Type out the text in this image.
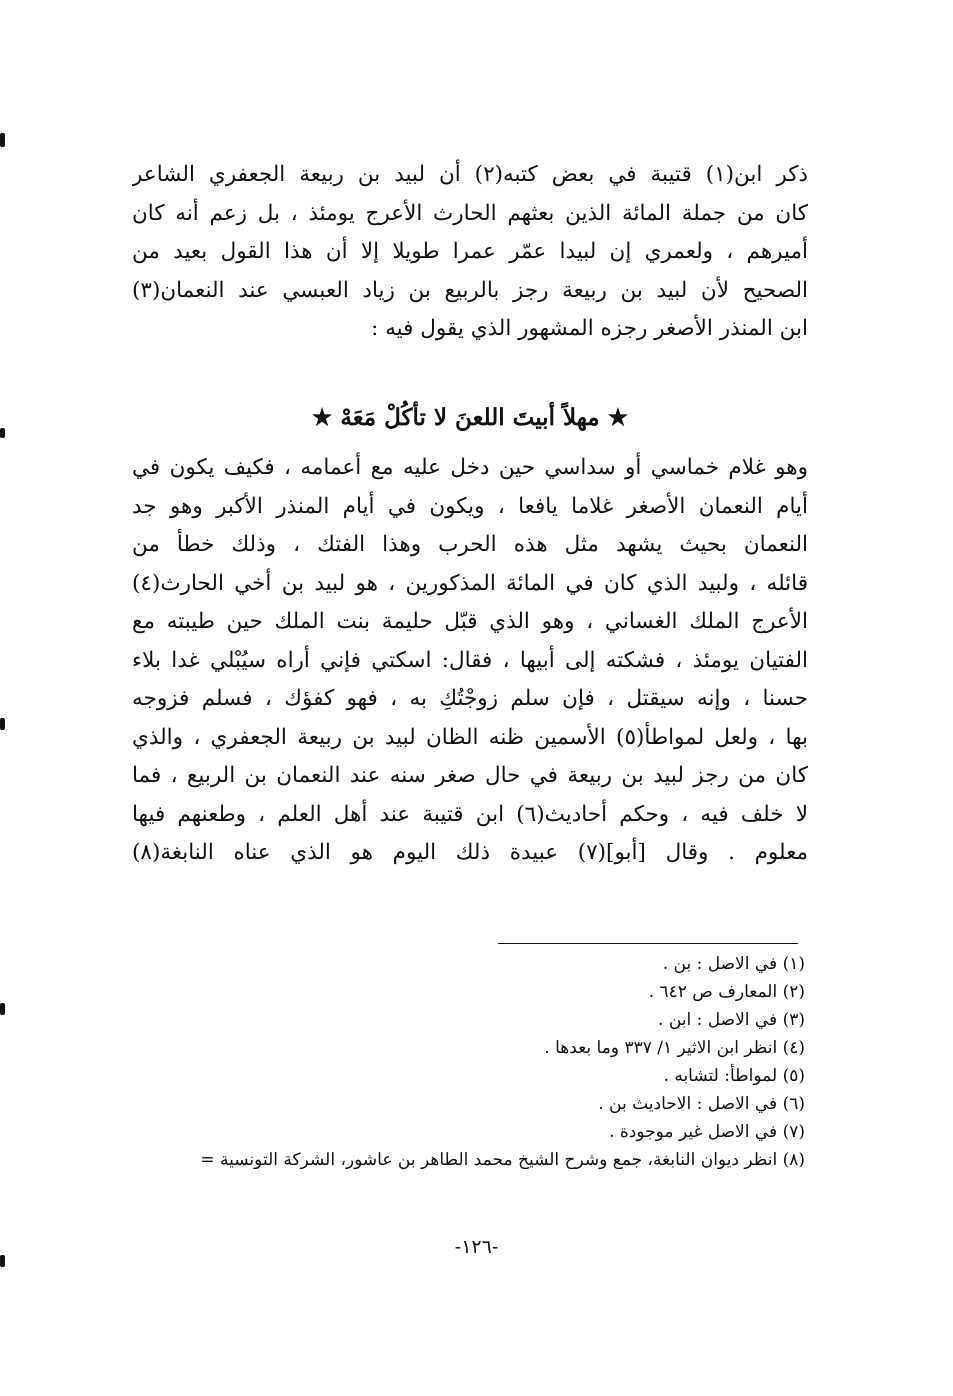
ذكر ابن(١) قتيبة في بعض كتبه(٢) أن لبيد بن ربيعة الجعفري الشاعر
كان من جملة المائة الذين بعثهم الحارث الأعرج يومئذ ، بل زعم أنه كان
أميرهم ، ولعمري إن لبيدا عمّر عمرا طويلا إلا أن هذا القول بعيد من
الصحيح لأن لبيد بن ربيعة رجز بالربيع بن زياد العبسي عند النعمان(٣)
ابن المنذر الأصغر رجزه المشهور الذي يقول فيه :
★ مهلاً أبيتَ اللعنَ لا تأكُلْ مَعَهْ ★
وهو غلام خماسي أو سداسي حين دخل عليه مع أعمامه ، فكيف يكون في
أيام النعمان الأصغر غلاما يافعا ، ويكون في أيام المنذر الأكبر وهو جد
النعمان بحيث يشهد مثل هذه الحرب وهذا الفتك ، وذلك خطأ من
قائله ، ولبيد الذي كان في المائة المذكورين ، هو لبيد بن أخي الحارث(٤)
الأعرج الملك الغساني ، وهو الذي قبّل حليمة بنت الملك حين طيبته مع
الفتيان يومئذ ، فشكته إلى أبيها ، فقال: اسكتي فإني أراه سيُبْلي غدا بلاء
حسنا ، وإنه سيقتل ، فإن سلم زوجْتُكِ به ، فهو كفؤك ، فسلم فزوجه
بها ، ولعل لمواطأ(٥) الأسمين ظنه الظان لبيد بن ربيعة الجعفري ، والذي
كان من رجز لبيد بن ربيعة في حال صغر سنه عند النعمان بن الربيع ، فما
لا خلف فيه ، وحكم أحاديث(٦) ابن قتيبة عند أهل العلم ، وطعنهم فيها
معلوم . وقال [أبو](٧) عبيدة ذلك اليوم هو الذي عناه النابغة(٨)
(١) في الاصل : بن .
(٢) المعارف ص ٦٤٢ .
(٣) في الاصل : ابن .
(٤) انظر ابن الاثير ١/ ٣٣٧ وما بعدها .
(٥) لمواطأ: لتشابه .
(٦) في الاصل : الاحاديث بن .
(٧) في الاصل غير موجودة .
(٨) انظر ديوان النابغة، جمع وشرح الشيخ محمد الطاهر بن عاشور، الشركة التونسية =
-١٢٦-
